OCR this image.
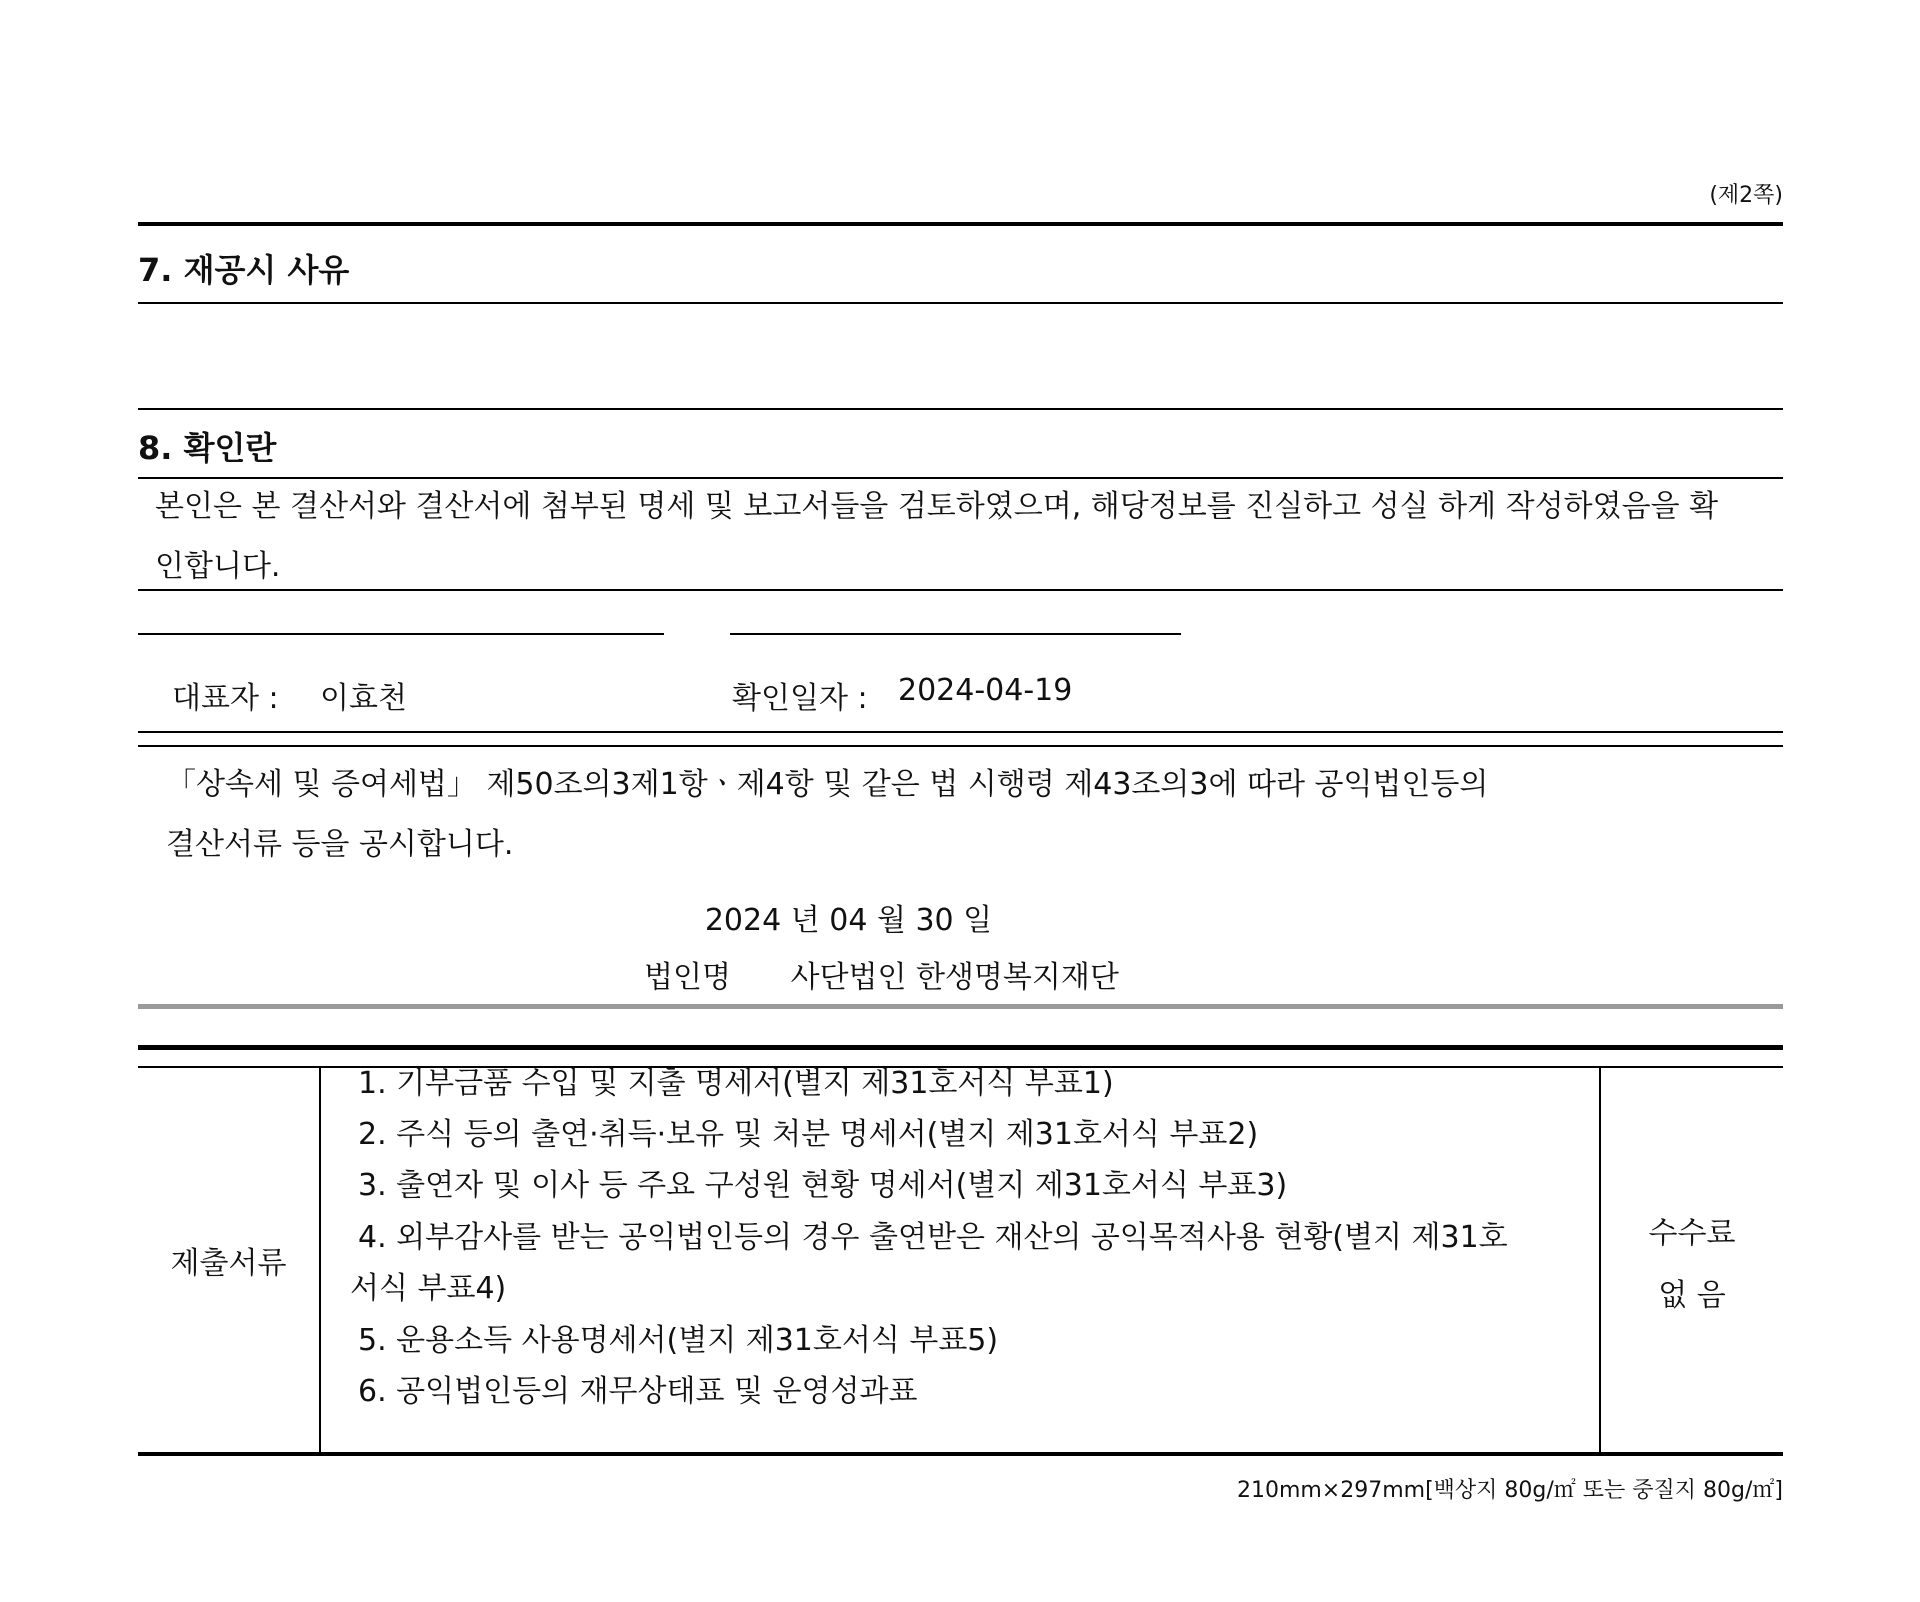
(제2쪽)
7. 재공시 사유
8. 확인란
본인은 본 결산서와 결산서에 첨부된 명세 및 보고서들을 검토하였으며, 해당정보를 진실하고 성실 하게 작성하였음을 확
인합니다.
대표자 : 이효천	확인일자 : 2024-04-19
「상속세 및 증여세법」 제50조의3제1항ㆍ제4항 및 같은 법 시행령 제43조의3에 따라 공익법인등의
결산서류 등을 공시합니다.
2024 년 04 월 30 일
법인명 사단법인 한생명복지재단
제출서류
1. 기부금품 수입 및 지출 명세서(별지 제31호서식 부표1)
2. 주식 등의 출연·취득·보유 및 처분 명세서(별지 제31호서식 부표2)
3. 출연자 및 이사 등 주요 구성원 현황 명세서(별지 제31호서식 부표3)
4. 외부감사를 받는 공익법인등의 경우 출연받은 재산의 공익목적사용 현황(별지 제31호
서식 부표4)
5. 운용소득 사용명세서(별지 제31호서식 부표5)
6. 공익법인등의 재무상태표 및 운영성과표
수수료
없 음
210mm×297mm[백상지 80g/㎡ 또는 중질지 80g/㎡]
